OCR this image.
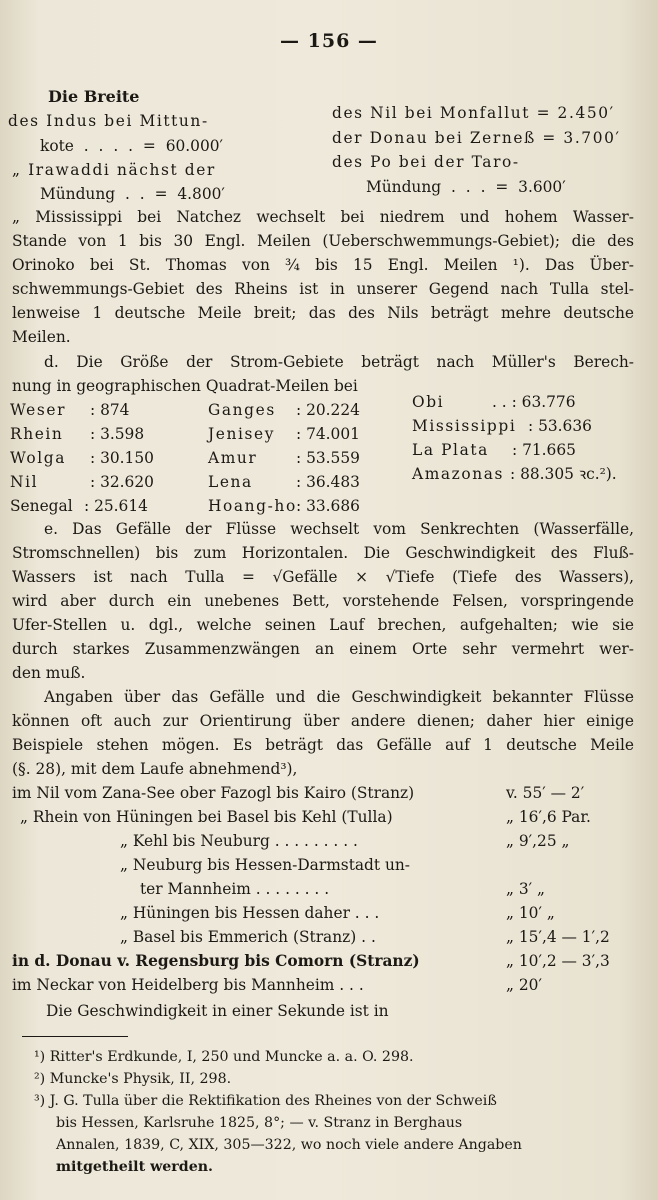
— 156 —
Die Breite
des Indus bei Mittun-
kote . . . . = 60.000′
„ Irawaddi nächst der
Mündung . . = 4.800′
des Nil bei Monfallut = 2.450′
der Donau bei Zerneß = 3.700′
des Po bei der Taro-
Mündung . . . = 3.600′
„ Mississippi bei Natchez wechselt bei niedrem und hohem Wasser-
Stande von 1 bis 30 Engl. Meilen (Ueberschwemmungs-Gebiet); die des
Orinoko bei St. Thomas von ¾ bis 15 Engl. Meilen ¹). Das Über-
schwemmungs-Gebiet des Rheins ist in unserer Gegend nach Tulla stel-
lenweise 1 deutsche Meile breit; das des Nils beträgt mehre deutsche
Meilen.
d. Die Größe der Strom-Gebiete beträgt nach Müller's Berech-
nung in geographischen Quadrat-Meilen bei
Weser : 874
Rhein : 3.598
Wolga : 30.150
Nil	: 32.620
Senegal : 25.614
Ganges : 20.224
Jenisey : 74.001
Amur	: 53.559
Lena	: 36.483
Hoang-ho : 33.686
Obi	. . : 63.776
Mississippi : 53.636
La Plata : 71.665
Amazonas : 88.305 ꝛc.²).
e. Das Gefälle der Flüsse wechselt vom Senkrechten (Wasserfälle,
Stromschnellen) bis zum Horizontalen. Die Geschwindigkeit des Fluß-
Wassers ist nach Tulla = √Gefälle × √Tiefe (Tiefe des Wassers),
wird aber durch ein unebenes Bett, vorstehende Felsen, vorspringende
Ufer-Stellen u. dgl., welche seinen Lauf brechen, aufgehalten; wie sie
durch starkes Zusammenzwängen an einem Orte sehr vermehrt wer-
den muß.
Angaben über das Gefälle und die Geschwindigkeit bekannter Flüsse
können oft auch zur Orientirung über andere dienen; daher hier einige
Beispiele stehen mögen. Es beträgt das Gefälle auf 1 deutsche Meile
(§. 28), mit dem Laufe abnehmend³),
im Nil vom Zana-See ober Fazogl bis Kairo (Stranz)	v. 55′ — 2′
„ Rhein von Hüningen bei Basel bis Kehl (Tulla)	„ 16′,6 Par.
„ Kehl bis Neuburg . . . . . . . . .	„ 9′,25 „
„ Neuburg bis Hessen-Darmstadt un-
ter Mannheim . . . . . . . .	„ 3′ „
„ Hüningen bis Hessen daher . . .	„ 10′ „
„ Basel bis Emmerich (Stranz) . .	„ 15′,4 — 1′,2
in d. Donau v. Regensburg bis Comorn (Stranz)	„ 10′,2 — 3′,3
im Neckar von Heidelberg bis Mannheim . . .	„ 20′
Die Geschwindigkeit in einer Sekunde ist in
¹) Ritter's Erdkunde, I, 250 und Muncke a. a. O. 298.
²) Muncke's Physik, II, 298.
³) J. G. Tulla über die Rektifikation des Rheines von der Schweiß
bis Hessen, Karlsruhe 1825, 8°; — v. Stranz in Berghaus
Annalen, 1839, C, XIX, 305—322, wo noch viele andere Angaben
mitgetheilt werden.
